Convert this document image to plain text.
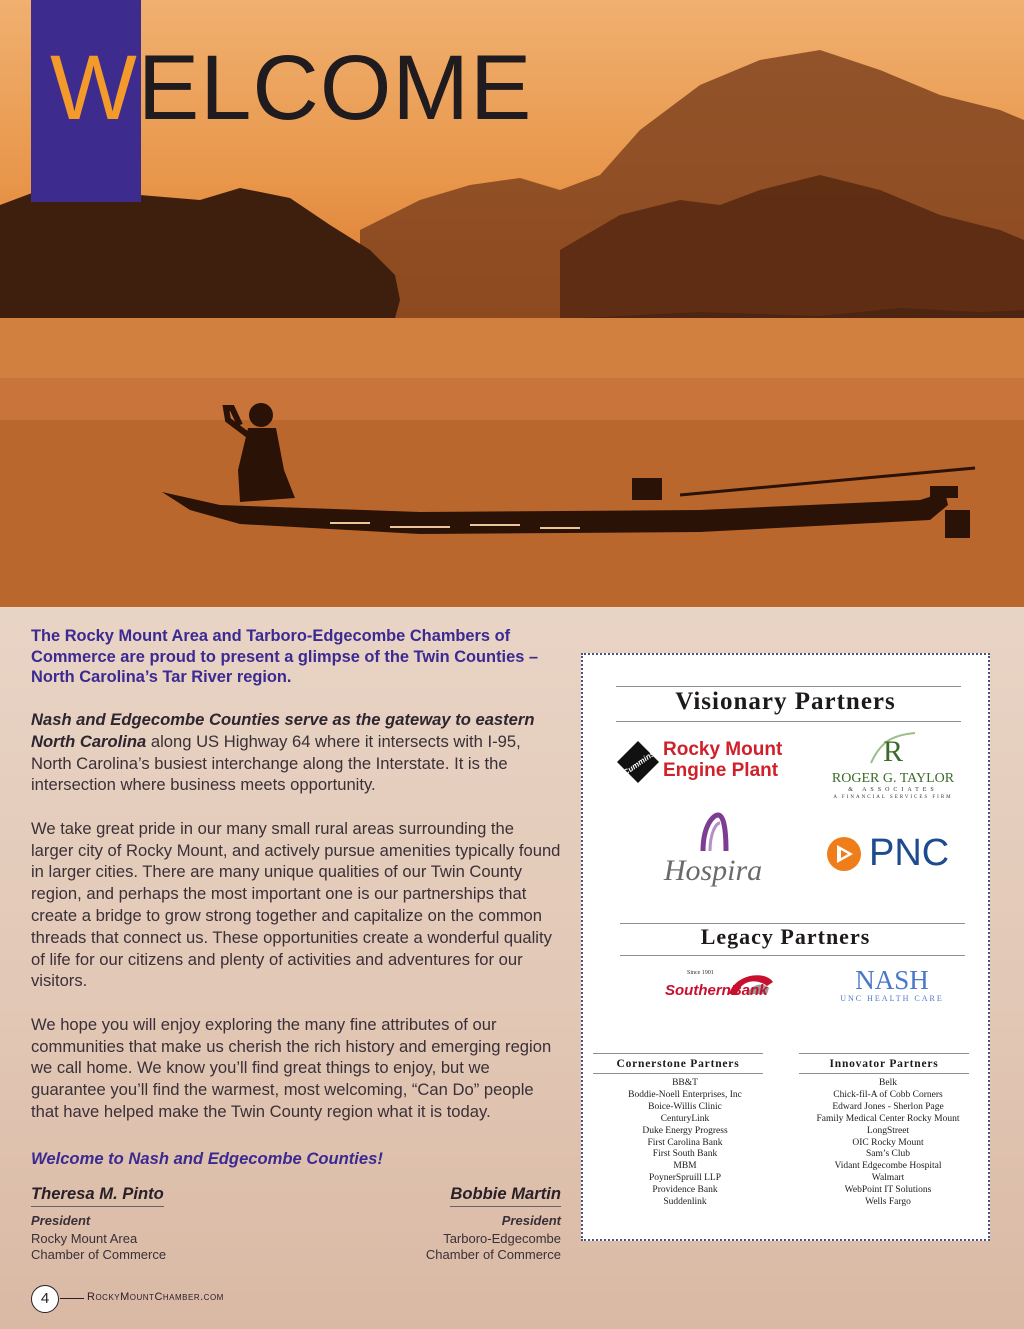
WELCOME

The Rocky Mount Area and Tarboro-Edgecombe Chambers of Commerce are proud to present a glimpse of the Twin Counties – North Carolina’s Tar River region.

Nash and Edgecombe Counties serve as the gateway to eastern North Carolina along US Highway 64 where it intersects with I-95, North Carolina’s busiest interchange along the Interstate. It is the intersection where business meets opportunity.

We take great pride in our many small rural areas surrounding the larger city of Rocky Mount, and actively pursue amenities typically found in larger cities. There are many unique qualities of our Twin County region, and perhaps the most important one is our partnerships that create a bridge to grow strong together and capitalize on the common threads that connect us. These opportunities create a wonderful quality of life for our citizens and plenty of activities and adventures for our visitors.

We hope you will enjoy exploring the many fine attributes of our communities that make us cherish the rich history and emerging region we call home. We know you’ll find great things to enjoy, but we guarantee you’ll find the warmest, most welcoming, “Can Do” people that have helped make the Twin County region what it is today.

Welcome to Nash and Edgecombe Counties!

Theresa M. Pinto

President
Rocky Mount Area
Chamber of Commerce
Bobbie Martin

President
Tarboro-Edgecombe
Chamber of Commerce
4	RockyMountChamber.com
Visionary Partners
Cummins Rocky Mount
Engine Plant
R
ROGER G. TAYLOR
& ASSOCIATES
A FINANCIAL SERVICES FIRM
Hospira	PNC
Legacy Partners
Since 1901
SouthernBank	NASH
UNC HEALTH CARE
Cornerstone Partners
BB&T
Boddie-Noell Enterprises, Inc
Boice-Willis Clinic
CenturyLink
Duke Energy Progress
First Carolina Bank
First South Bank
MBM
PoynerSpruill LLP
Providence Bank
Suddenlink
Innovator Partners
Belk
Chick-fil-A of Cobb Corners
Edward Jones - Sherlon Page
Family Medical Center Rocky Mount
LongStreet
OIC Rocky Mount
Sam’s Club
Vidant Edgecombe Hospital
Walmart
WebPoint IT Solutions
Wells Fargo
